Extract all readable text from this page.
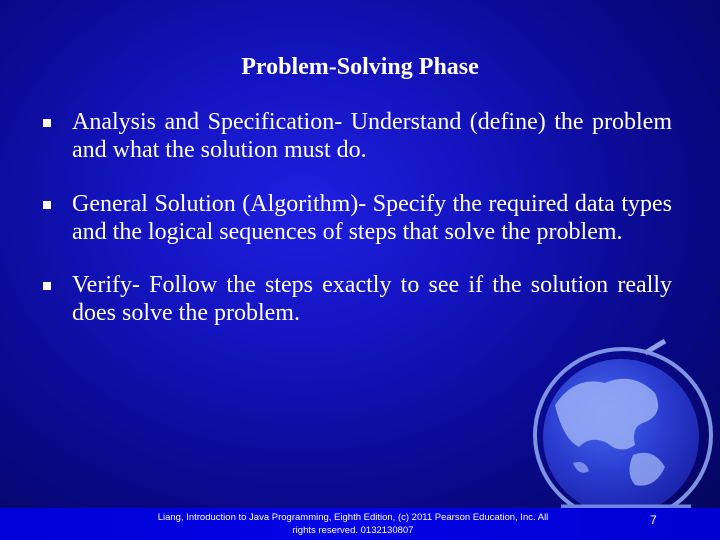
Problem-Solving Phase
Analysis and Specification- Understand (define) the problem and what the solution must do.
General Solution (Algorithm)- Specify the required data types and the logical sequences of steps that solve the problem.
Verify- Follow the steps exactly to see if the solution really does solve the problem.
Liang, Introduction to Java Programming, Eighth Edition, (c) 2011 Pearson Education, Inc. All
rights reserved. 0132130807
7
